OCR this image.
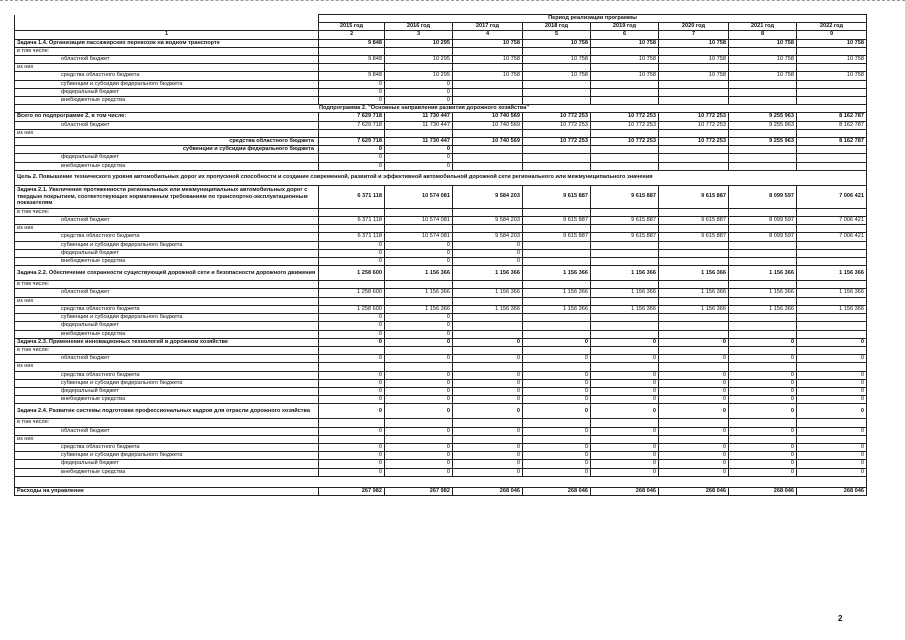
	Период реализации программы							
	2015 год	2016 год	2017 год	2018 год	2019 год	2020 год	2021 год	2022 год
1	2	3	4	5	6	7	8	9
Задача 1.4. Организация пассажирских перевозок на водном транспорте	9 848	10 295	10 758	10 758	10 758	10 758	10 758	10 758
в том числе:								
областной бюджет	9 848	10 295	10 758	10 758	10 758	10 758	10 758	10 758
из них								
средства областного бюджета	9 848	10 295	10 758	10 758	10 758	10 758	10 758	10 758
субвенции и субсидии федерального бюджета	0	0						
федеральный бюджет	0	0						
внебюджетные средства	0	0						
Подпрограмма 2. "Основные направления развития дорожного хозяйства"								
Всего по подпрограмме 2, в том числе:	7 629 718	11 730 447	10 740 569	10 772 253	10 772 253	10 772 253	9 255 963	8 162 787
областной бюджет	7 629 718	11 730 447	10 740 569	10 772 253	10 772 253	10 772 253	9 255 963	8 162 787
из них								
средства областного бюджета	7 629 718	11 730 447	10 740 569	10 772 253	10 772 253	10 772 253	9 255 963	8 162 787
субвенции и субсидии федерального бюджета	0	0						
федеральный бюджет	0	0						
внебюджетные средства	0	0						
Цель 2. Повышение технического уровня автомобильных дорог их пропускной способности и создание современной, развитой и эффективной автомобильной дорожной сети регионального или межмуниципального значения								
Задача 2.1. Увеличение протяженности региональных или межмуниципальных автомобильных дорог с твердым покрытием, соответствующих нормативным требованиям по транспортно-эксплуатационным показателям	6 371 118	10 574 081	9 584 203	9 615 887	9 615 887	9 615 887	8 099 597	7 006 421
в том числе:								
областной бюджет	6 371 118	10 574 081	9 584 203	9 615 887	9 615 887	9 615 887	8 099 597	7 006 421
из них								
средства областного бюджета	6 371 118	10 574 081	9 584 203	9 615 887	9 615 887	9 615 887	8 099 597	7 006 421
субвенции и субсидии федерального бюджета	0	0	0					
федеральный бюджет	0	0	0					
внебюджетные средства	0	0	0					
Задача 2.2. Обеспечение сохранности существующей дорожной сети и безопасности дорожного движения	1 258 600	1 156 366	1 156 366	1 156 366	1 156 366	1 156 366	1 156 366	1 156 366
в том числе:								
областной бюджет	1 258 600	1 156 366	1 156 366	1 156 366	1 156 366	1 156 366	1 156 366	1 156 366
из них								
средства областного бюджета	1 258 600	1 156 366	1 156 366	1 156 366	1 156 366	1 156 366	1 156 366	1 156 366
субвенции и субсидии федерального бюджета	0	0						
федеральный бюджет	0	0						
внебюджетные средства	0	0						
Задача 2.3. Применение инновационных технологий в дорожном хозяйстве	0	0	0	0	0	0	0	0
в том числе:								
областной бюджет	0	0	0	0	0	0	0	0
из них								
средства областного бюджета	0	0	0	0	0	0	0	0
субвенции и субсидии федерального бюджета	0	0	0	0	0	0	0	0
федеральный бюджет	0	0	0	0	0	0	0	0
внебюджетные средства	0	0	0	0	0	0	0	0
Задача 2.4. Развитие системы подготовки профессиональных кадров для отрасли дорожного хозяйства	0	0	0	0	0	0	0	0
в том числе:								
областной бюджет	0	0	0	0	0	0	0	0
из них								
средства областного бюджета	0	0	0	0	0	0	0	0
субвенции и субсидии федерального бюджета	0	0	0	0	0	0	0	0
федеральный бюджет	0	0	0	0	0	0	0	0
внебюджетные средства	0	0	0	0	0	0	0	0

Расходы на управление	267 982	267 982	268 046	268 046	268 046	268 046	268 046	268 046
2
